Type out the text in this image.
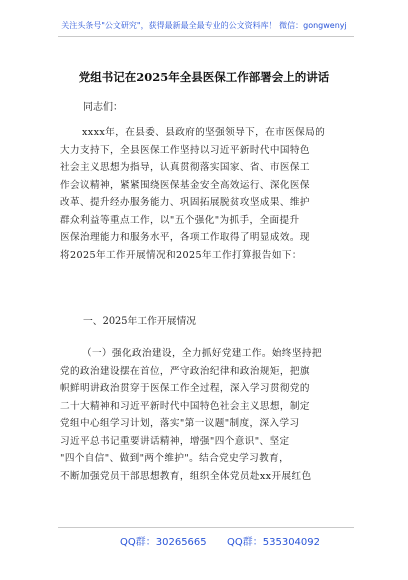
关注头条号"公文研究"，获得最新最全最专业的公文资料库！ 微信：gongwenyj
党组书记在2025年全县医保工作部署会上的讲话
同志们：
xxxx年，在县委、县政府的坚强领导下，在市医保局的
大力支持下，全县医保工作坚持以习近平新时代中国特色
社会主义思想为指导，认真贯彻落实国家、省、市医保工
作会议精神，紧紧围绕医保基金安全高效运行、深化医保
改革、提升经办服务能力、巩固拓展脱贫攻坚成果、维护
群众利益等重点工作，以"五个强化"为抓手，全面提升
医保治理能力和服务水平，各项工作取得了明显成效。现
将2025年工作开展情况和2025年工作打算报告如下：
一、2025年工作开展情况
（一）强化政治建设，全力抓好党建工作。始终坚持把
党的政治建设摆在首位，严守政治纪律和政治规矩，把旗
帜鲜明讲政治贯穿于医保工作全过程，深入学习贯彻党的
二十大精神和习近平新时代中国特色社会主义思想，制定
党组中心组学习计划，落实"第一议题"制度，深入学习
习近平总书记重要讲话精神，增强"四个意识"、坚定
"四个自信"、做到"两个维护"。结合党史学习教育，
不断加强党员干部思想教育，组织全体党员赴xx开展红色
QQ群：30265665 QQ群：535304092
